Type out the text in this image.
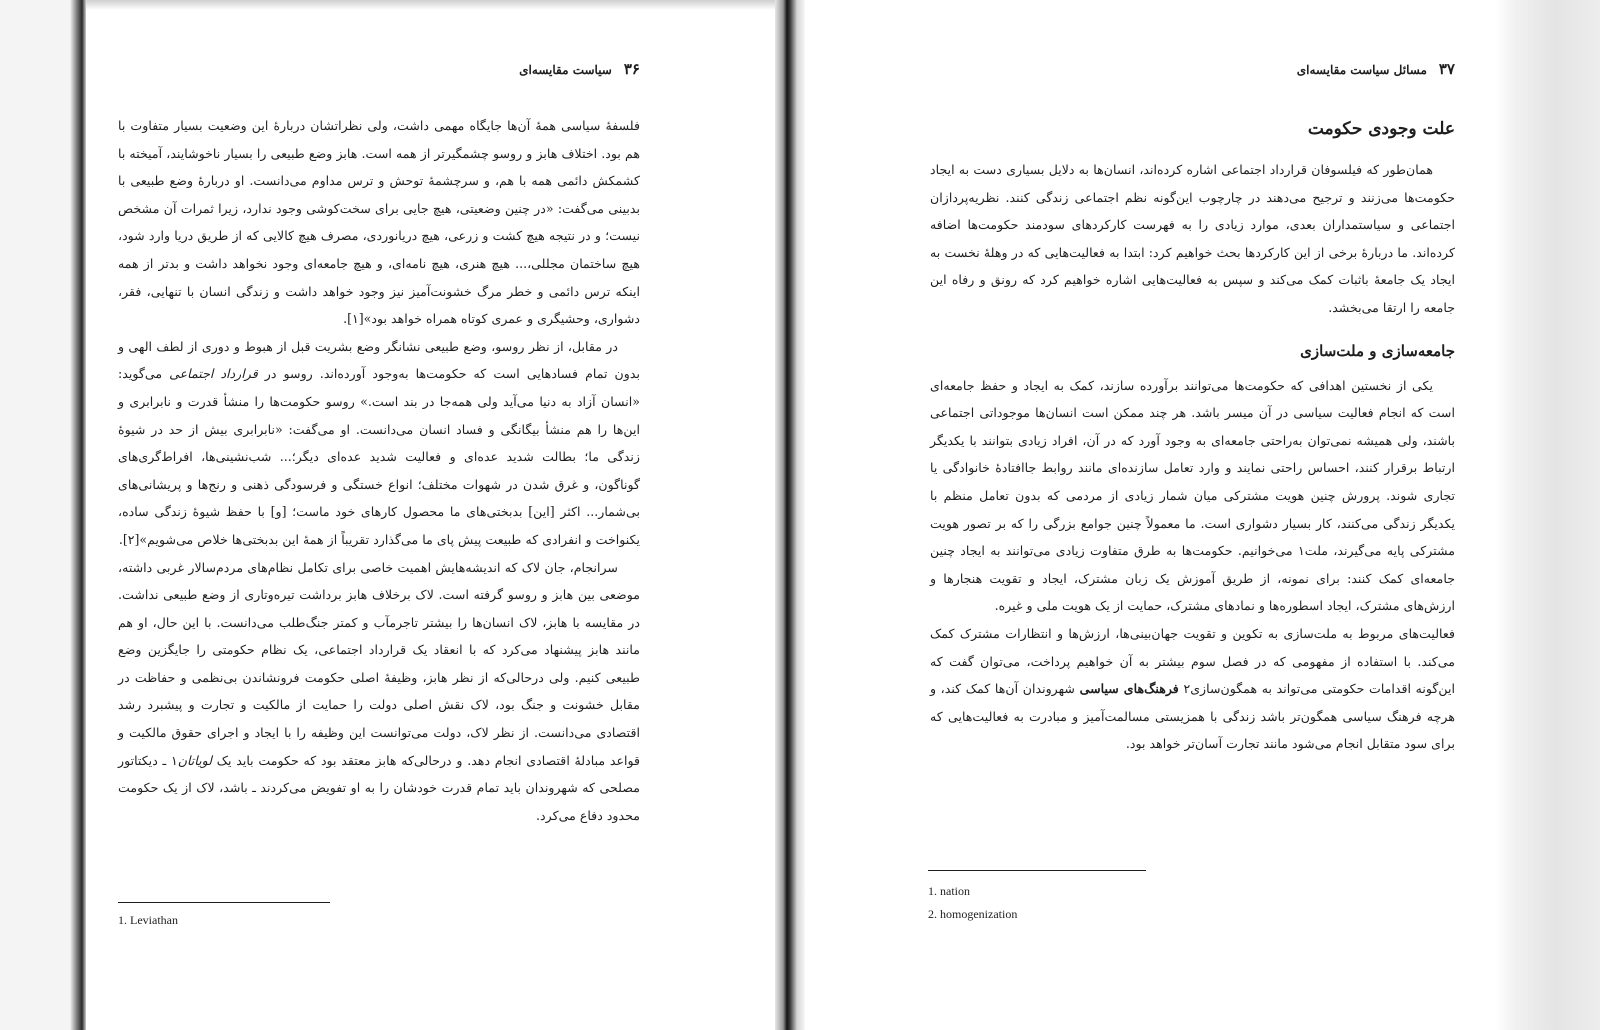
۳۶
سیاست مقایسه‌ای

فلسفهٔ سیاسی همهٔ آن‌ها جایگاه مهمی داشت، ولی نظراتشان دربارهٔ این وضعیت بسیار متفاوت با هم بود. اختلاف هابز و روسو چشمگیرتر از همه است. هابز وضع طبیعی را بسیار ناخوشایند، آمیخته با کشمکش دائمی همه با هم، و سرچشمهٔ توحش و ترس مداوم می‌دانست. او دربارهٔ وضع طبیعی با بدبینی می‌گفت: «در چنین وضعیتی، هیچ جایی برای سخت‌کوشی وجود ندارد، زیرا ثمرات آن مشخص نیست؛ و در نتیجه هیچ کشت و زرعی، هیچ دریانوردی، مصرف هیچ کالایی که از طریق دریا وارد شود، هیچ ساختمان مجللی،... هیچ هنری، هیچ نامه‌ای، و هیچ جامعه‌ای وجود نخواهد داشت و بدتر از همه اینکه ترس دائمی و خطر مرگ خشونت‌آمیز نیز وجود خواهد داشت و زندگی انسان با تنهایی، فقر، دشواری، وحشیگری و عمری کوتاه همراه خواهد بود»[۱].

در مقابل، از نظر روسو، وضع طبیعی نشانگر وضع بشریت قبل از هبوط و دوری از لطف الهی و بدون تمام فسادهایی است که حکومت‌ها به‌وجود آورده‌اند. روسو در قرارداد اجتماعی می‌گوید: «انسان آزاد به دنیا می‌آید ولی همه‌جا در بند است.» روسو حکومت‌ها را منشأ قدرت و نابرابری و این‌ها را هم منشأ بیگانگی و فساد انسان می‌دانست. او می‌گفت: «نابرابری بیش از حد در شیوهٔ زندگی ما؛ بطالت شدید عده‌ای و فعالیت شدید عده‌ای دیگر؛... شب‌نشینی‌ها، افراط‌گری‌های گوناگون، و غرق شدن در شهوات مختلف؛ انواع خستگی و فرسودگی ذهنی و رنج‌ها و پریشانی‌های بی‌شمار... اکثر [این] بدبختی‌های ما محصول کارهای خود ماست؛ [و] با حفظ شیوهٔ زندگی ساده، یکنواخت و انفرادی که طبیعت پیش پای ما می‌گذارد تقریباً از همهٔ این بدبختی‌ها خلاص می‌شویم»[۲].

سرانجام، جان لاک که اندیشه‌هایش اهمیت خاصی برای تکامل نظام‌های مردم‌سالار غربی داشته، موضعی بین هابز و روسو گرفته است. لاک برخلاف هابز برداشت تیره‌وتاری از وضع طبیعی نداشت. در مقایسه با هابز، لاک انسان‌ها را بیشتر تاجرمآب و کمتر جنگ‌طلب می‌دانست. با این حال، او هم مانند هابز پیشنهاد می‌کرد که با انعقاد یک قرارداد اجتماعی، یک نظام حکومتی را جایگزین وضع طبیعی کنیم. ولی درحالی‌که از نظر هابز، وظیفهٔ اصلی حکومت فرونشاندن بی‌نظمی و حفاظت در مقابل خشونت و جنگ بود، لاک نقش اصلی دولت را حمایت از مالکیت و تجارت و پیشبرد رشد اقتصادی می‌دانست. از نظر لاک، دولت می‌توانست این وظیفه را با ایجاد و اجرای حقوق مالکیت و قواعد مبادلهٔ اقتصادی انجام دهد. و درحالی‌که هابز معتقد بود که حکومت باید یک لویاتان۱ ـ دیکتاتور مصلحی که شهروندان باید تمام قدرت خودشان را به او تفویض می‌کردند ـ باشد، لاک از یک حکومت محدود دفاع می‌کرد.

1. Leviathan
۳۷
مسائل سیاست مقایسه‌ای
علت وجودی حکومت

همان‌طور که فیلسوفان قرارداد اجتماعی اشاره کرده‌اند، انسان‌ها به دلایل بسیاری دست به ایجاد حکومت‌ها می‌زنند و ترجیح می‌دهند در چارچوب این‌گونه نظم اجتماعی زندگی کنند. نظریه‌پردازان اجتماعی و سیاستمداران بعدی، موارد زیادی را به فهرست کارکردهای سودمند حکومت‌ها اضافه کرده‌اند. ما دربارهٔ برخی از این کارکردها بحث خواهیم کرد: ابتدا به فعالیت‌هایی که در وهلهٔ نخست به ایجاد یک جامعهٔ باثبات کمک می‌کند و سپس به فعالیت‌هایی اشاره خواهیم کرد که رونق و رفاه این جامعه را ارتقا می‌بخشد.

جامعه‌سازی و ملت‌سازی

یکی از نخستین اهدافی که حکومت‌ها می‌توانند برآورده سازند، کمک به ایجاد و حفظ جامعه‌ای است که انجام فعالیت سیاسی در آن میسر باشد. هر چند ممکن است انسان‌ها موجوداتی اجتماعی باشند، ولی همیشه نمی‌توان به‌راحتی جامعه‌ای به وجود آورد که در آن، افراد زیادی بتوانند با یکدیگر ارتباط برقرار کنند، احساس راحتی نمایند و وارد تعامل سازنده‌ای مانند روابط جاافتادهٔ خانوادگی یا تجاری شوند. پرورش چنین هویت مشترکی میان شمار زیادی از مردمی که بدون تعامل منظم با یکدیگر زندگی می‌کنند، کار بسیار دشواری است. ما معمولاً چنین جوامع بزرگی را که بر تصور هویت مشترکی پایه می‌گیرند، ملت۱ می‌خوانیم. حکومت‌ها به طرق متفاوت زیادی می‌توانند به ایجاد چنین جامعه‌ای کمک کنند: برای نمونه، از طریق آموزش یک زبان مشترک، ایجاد و تقویت هنجارها و ارزش‌های مشترک، ایجاد اسطوره‌ها و نمادهای مشترک، حمایت از یک هویت ملی و غیره.

فعالیت‌های مربوط به ملت‌سازی به تکوین و تقویت جهان‌بینی‌ها، ارزش‌ها و انتظارات مشترک کمک می‌کند. با استفاده از مفهومی که در فصل سوم بیشتر به آن خواهیم پرداخت، می‌توان گفت که این‌گونه اقدامات حکومتی می‌تواند به همگون‌سازی۲ فرهنگ‌های سیاسی شهروندان آن‌ها کمک کند، و هرچه فرهنگ سیاسی همگون‌تر باشد زندگی با همزیستی مسالمت‌آمیز و مبادرت به فعالیت‌هایی که برای سود متقابل انجام می‌شود مانند تجارت آسان‌تر خواهد بود.

1. nation
2. homogenization
